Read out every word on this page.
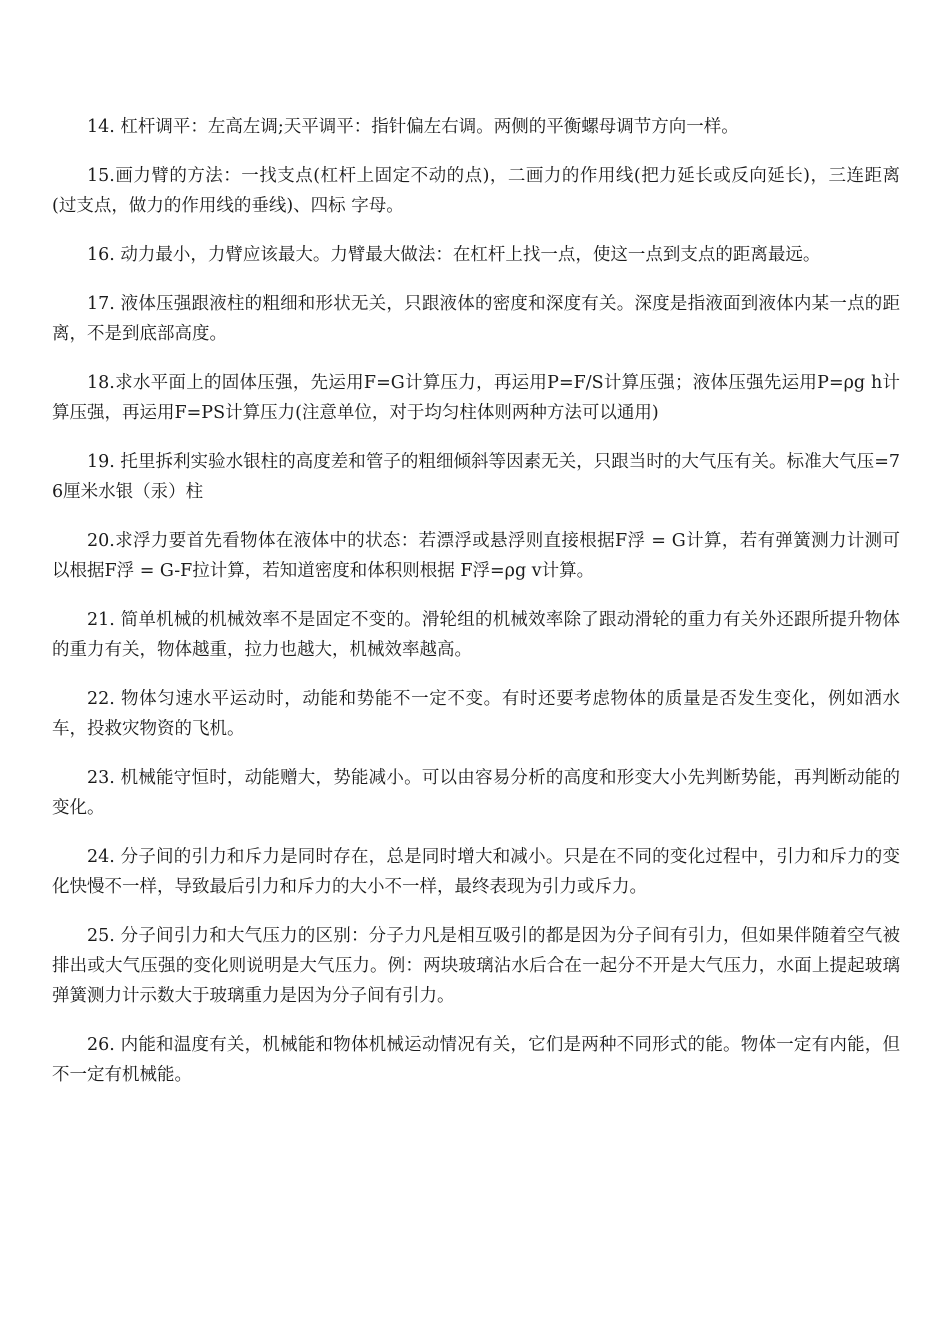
14. 杠杆调平：左高左调;天平调平：指针偏左右调。两侧的平衡螺母调节方向一样。

15.画力臂的方法：一找支点(杠杆上固定不动的点)，二画力的作用线(把力延长或反向延长)，三连距离(过支点，做力的作用线的垂线)、四标 字母。

16. 动力最小，力臂应该最大。力臂最大做法：在杠杆上找一点，使这一点到支点的距离最远。

17. 液体压强跟液柱的粗细和形状无关，只跟液体的密度和深度有关。深度是指液面到液体内某一点的距离，不是到底部高度。

18.求水平面上的固体压强，先运用F=G计算压力，再运用P=F/S计算压强；液体压强先运用P=ρg h计算压强，再运用F=PS计算压力(注意单位，对于均匀柱体则两种方法可以通用)

19. 托里拆利实验水银柱的高度差和管子的粗细倾斜等因素无关，只跟当时的大气压有关。标准大气压=76厘米水银（汞）柱

20.求浮力要首先看物体在液体中的状态：若漂浮或悬浮则直接根据F浮 = G计算，若有弹簧测力计测可以根据F浮 = G-F拉计算，若知道密度和体积则根据 F浮=ρg v计算。

21. 简单机械的机械效率不是固定不变的。滑轮组的机械效率除了跟动滑轮的重力有关外还跟所提升物体的重力有关，物体越重，拉力也越大，机械效率越高。

22. 物体匀速水平运动时，动能和势能不一定不变。有时还要考虑物体的质量是否发生变化，例如洒水车，投救灾物资的飞机。

23. 机械能守恒时，动能赠大，势能减小。可以由容易分析的高度和形变大小先判断势能，再判断动能的变化。

24. 分子间的引力和斥力是同时存在，总是同时增大和减小。只是在不同的变化过程中，引力和斥力的变化快慢不一样，导致最后引力和斥力的大小不一样，最终表现为引力或斥力。

25. 分子间引力和大气压力的区别：分子力凡是相互吸引的都是因为分子间有引力，但如果伴随着空气被排出或大气压强的变化则说明是大气压力。例：两块玻璃沾水后合在一起分不开是大气压力，水面上提起玻璃弹簧测力计示数大于玻璃重力是因为分子间有引力。

26. 内能和温度有关，机械能和物体机械运动情况有关，它们是两种不同形式的能。物体一定有内能，但不一定有机械能。
